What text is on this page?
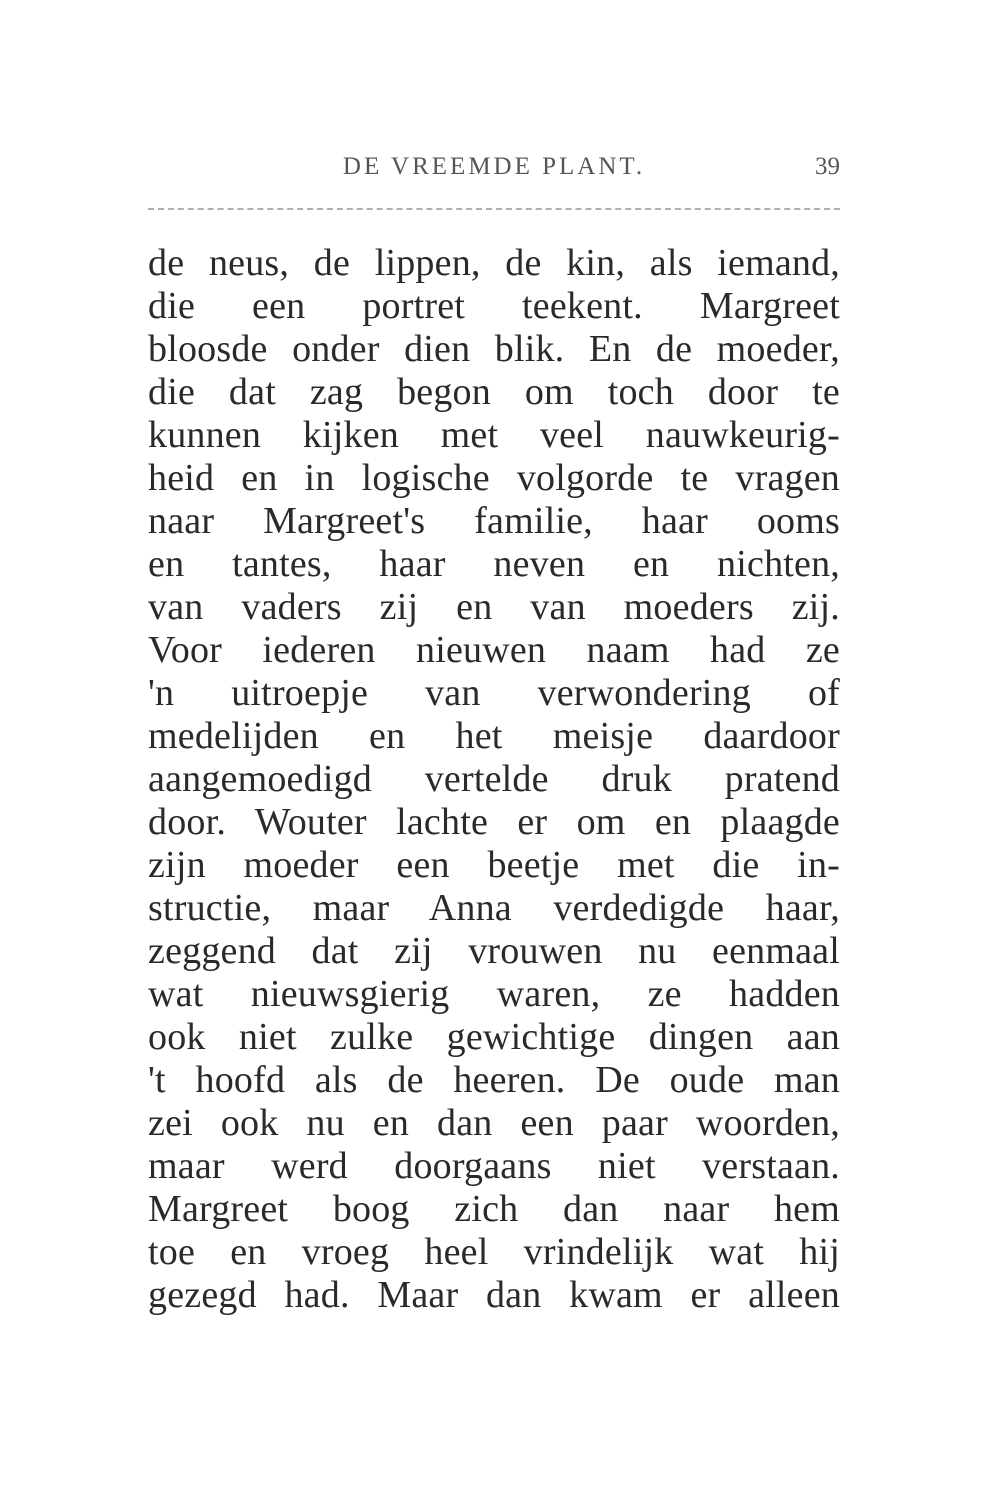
DE VREEMDE PLANT.	39
de neus, de lippen, de kin, als iemand,
die een portret teekent. Margreet
bloosde onder dien blik. En de moeder,
die dat zag begon om toch door te
kunnen kijken met veel nauwkeurig-
heid en in logische volgorde te vragen
naar Margreet's familie, haar ooms
en tantes, haar neven en nichten,
van vaders zij en van moeders zij.
Voor iederen nieuwen naam had ze
'n uitroepje van verwondering of
medelijden en het meisje daardoor
aangemoedigd vertelde druk pratend
door. Wouter lachte er om en plaagde
zijn moeder een beetje met die in-
structie, maar Anna verdedigde haar,
zeggend dat zij vrouwen nu eenmaal
wat nieuwsgierig waren, ze hadden
ook niet zulke gewichtige dingen aan
't hoofd als de heeren. De oude man
zei ook nu en dan een paar woorden,
maar werd doorgaans niet verstaan.
Margreet boog zich dan naar hem
toe en vroeg heel vrindelijk wat hij
gezegd had. Maar dan kwam er alleen
